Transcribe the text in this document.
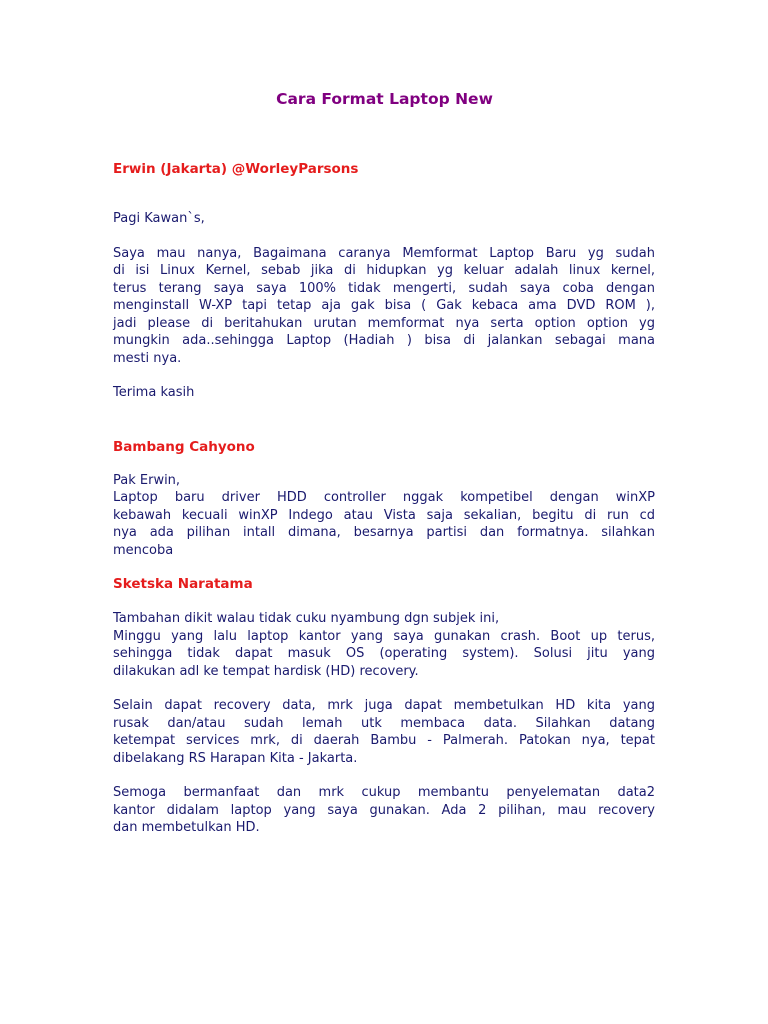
Cara Format Laptop New
Erwin (Jakarta) @WorleyParsons

Pagi Kawan`s,

Saya mau nanya, Bagaimana caranya Memformat Laptop Baru yg sudah
di isi Linux Kernel, sebab jika di hidupkan yg keluar adalah linux kernel,
terus terang saya saya 100% tidak mengerti, sudah saya coba dengan
menginstall W-XP tapi tetap aja gak bisa ( Gak kebaca ama DVD ROM ),
jadi please di beritahukan urutan memformat nya serta option option yg
mungkin ada..sehingga Laptop (Hadiah ) bisa di jalankan sebagai mana
mesti nya.

Terima kasih

Bambang Cahyono

Pak Erwin,
Laptop baru driver HDD controller nggak kompetibel dengan winXP
kebawah kecuali winXP Indego atau Vista saja sekalian, begitu di run cd
nya ada pilihan intall dimana, besarnya partisi dan formatnya. silahkan
mencoba

Sketska Naratama

Tambahan dikit walau tidak cuku nyambung dgn subjek ini,
Minggu yang lalu laptop kantor yang saya gunakan crash. Boot up terus,
sehingga tidak dapat masuk OS (operating system). Solusi jitu yang
dilakukan adl ke tempat hardisk (HD) recovery.

Selain dapat recovery data, mrk juga dapat membetulkan HD kita yang
rusak dan/atau sudah lemah utk membaca data. Silahkan datang
ketempat services mrk, di daerah Bambu - Palmerah. Patokan nya, tepat
dibelakang RS Harapan Kita - Jakarta.

Semoga bermanfaat dan mrk cukup membantu penyelematan data2
kantor didalam laptop yang saya gunakan. Ada 2 pilihan, mau recovery
dan membetulkan HD.
